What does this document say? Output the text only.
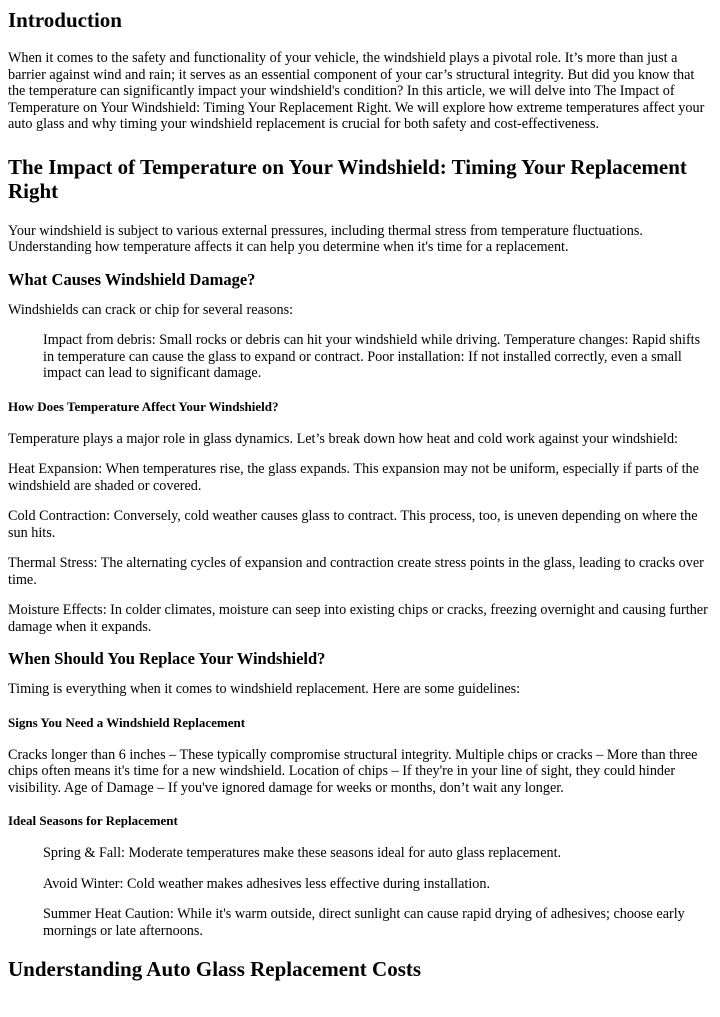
Introduction

When it comes to the safety and functionality of your vehicle, the windshield plays a pivotal role. It’s more than just a barrier against wind and rain; it serves as an essential component of your car’s structural integrity. But did you know that the temperature can significantly impact your windshield's condition? In this article, we will delve into The Impact of Temperature on Your Windshield: Timing Your Replacement Right. We will explore how extreme temperatures affect your auto glass and why timing your windshield replacement is crucial for both safety and cost-effectiveness.

The Impact of Temperature on Your Windshield: Timing Your Replacement Right

Your windshield is subject to various external pressures, including thermal stress from temperature fluctuations. Understanding how temperature affects it can help you determine when it's time for a replacement.

What Causes Windshield Damage?

Windshields can crack or chip for several reasons:

Impact from debris: Small rocks or debris can hit your windshield while driving. Temperature changes: Rapid shifts in temperature can cause the glass to expand or contract. Poor installation: If not installed correctly, even a small impact can lead to significant damage.

How Does Temperature Affect Your Windshield?

Temperature plays a major role in glass dynamics. Let’s break down how heat and cold work against your windshield:

Heat Expansion: When temperatures rise, the glass expands. This expansion may not be uniform, especially if parts of the windshield are shaded or covered.

Cold Contraction: Conversely, cold weather causes glass to contract. This process, too, is uneven depending on where the sun hits.

Thermal Stress: The alternating cycles of expansion and contraction create stress points in the glass, leading to cracks over time.

Moisture Effects: In colder climates, moisture can seep into existing chips or cracks, freezing overnight and causing further damage when it expands.

When Should You Replace Your Windshield?

Timing is everything when it comes to windshield replacement. Here are some guidelines:

Signs You Need a Windshield Replacement

Cracks longer than 6 inches – These typically compromise structural integrity. Multiple chips or cracks – More than three chips often means it's time for a new windshield. Location of chips – If they're in your line of sight, they could hinder visibility. Age of Damage – If you've ignored damage for weeks or months, don’t wait any longer.

Ideal Seasons for Replacement

Spring & Fall: Moderate temperatures make these seasons ideal for auto glass replacement.

Avoid Winter: Cold weather makes adhesives less effective during installation.

Summer Heat Caution: While it's warm outside, direct sunlight can cause rapid drying of adhesives; choose early mornings or late afternoons.

Understanding Auto Glass Replacement Costs
